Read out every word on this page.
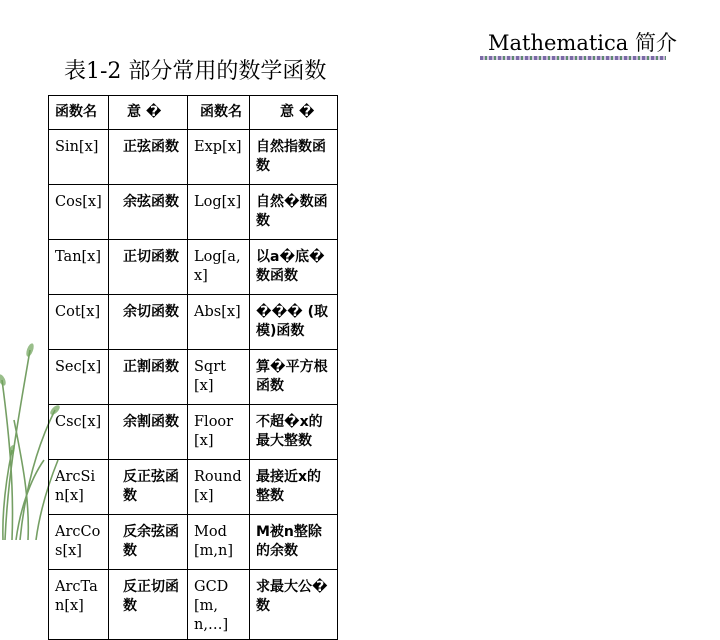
Mathematica 简介
表1-2 部分常用的数学函数
函数名	意 �	函数名	意 �
Sin[x]	正弦函数	Exp[x]	自然指数函数
Cos[x]	余弦函数	Log[x]	自然�数函数
Tan[x]	正切函数	Log[a,x]	以a�底�数函数
Cot[x]	余切函数	Abs[x]	��� (取模)函数
Sec[x]	正割函数	Sqrt[x]	算�平方根函数
Csc[x]	余割函数	Floor[x]	不超�x的最大整数
ArcSin[x]	反正弦函数	Round[x]	最接近x的整数
ArcCos[x]	反余弦函数	Mod[m,n]	M被n整除的余数
ArcTan[x]	反正切函数	GCD[m,n,…]	求最大公�数
